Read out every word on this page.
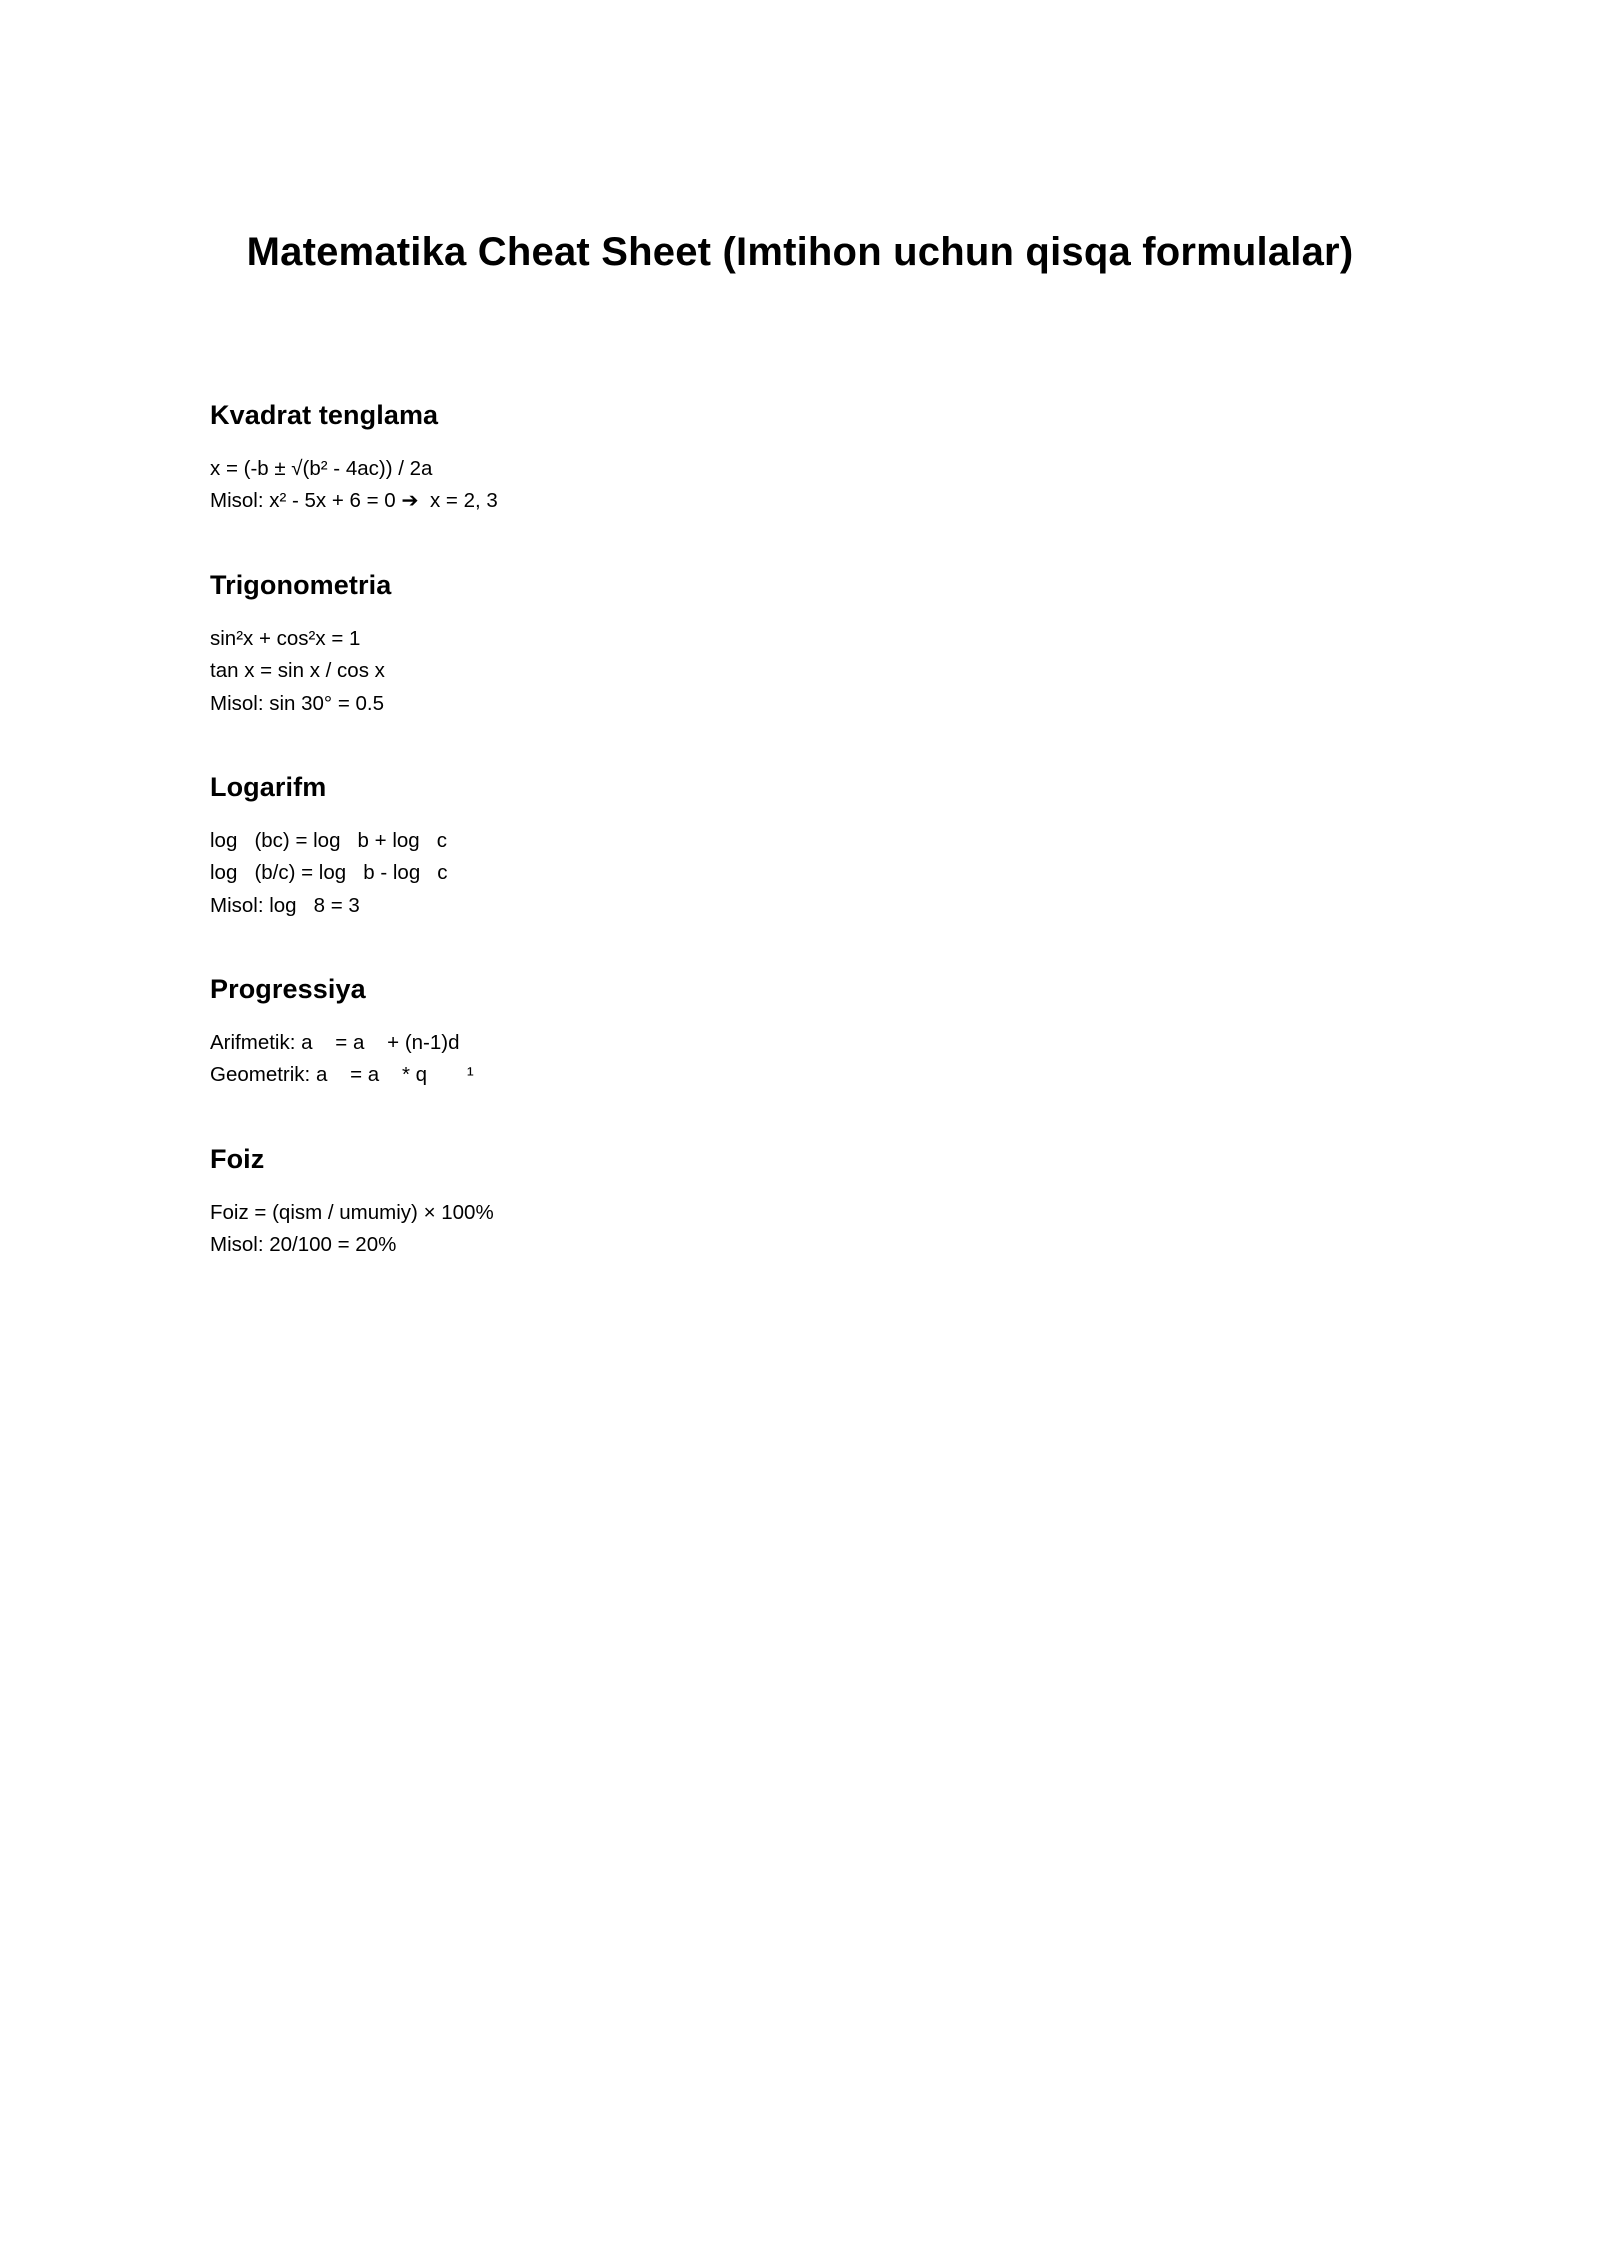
Matematika Cheat Sheet (Imtihon uchun qisqa formulalar)
Kvadrat tenglama
x = (-b ± √(b² - 4ac)) / 2a
Misol: x² - 5x + 6 = 0 ➔  x = 2, 3
Trigonometria
sin²x + cos²x = 1
tan x = sin x / cos x
Misol: sin 30° = 0.5
Logarifm
log   (bc) = log   b + log   c
log   (b/c) = log   b - log   c
Misol: log   8 = 3
Progressiya
Arifmetik: a    = a    + (n-1)d
Geometrik: a    = a    * q       ¹
Foiz
Foiz = (qism / umumiy) × 100%
Misol: 20/100 = 20%
